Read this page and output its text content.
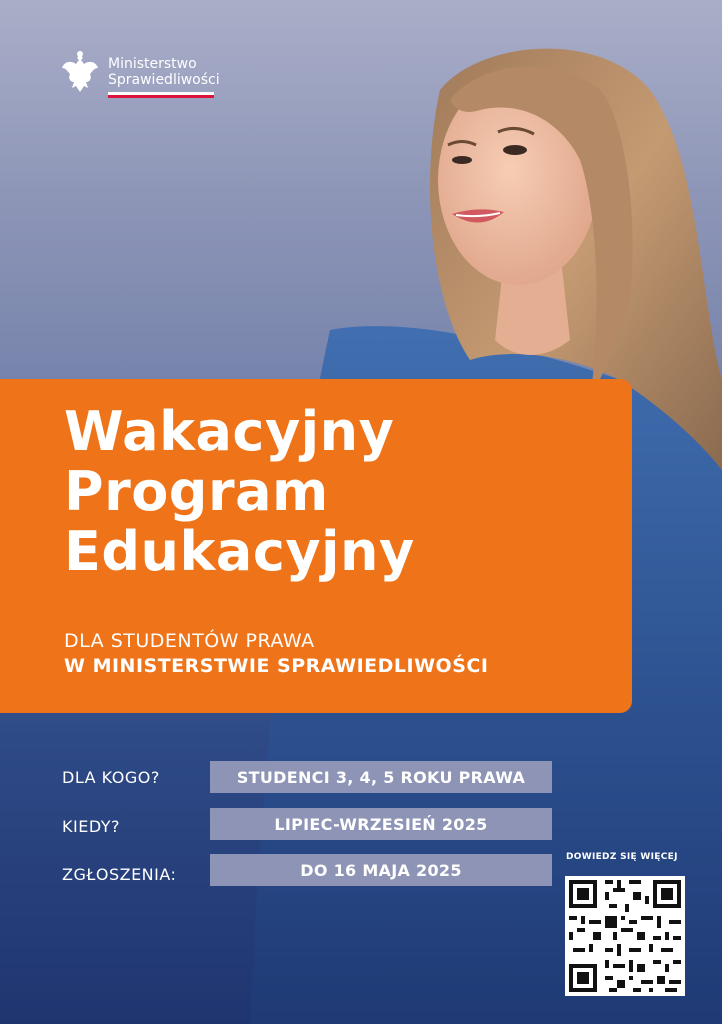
Ministerstwo
Sprawiedliwości
Wakacyjny
Program
Edukacyjny
DLA STUDENTÓW PRAWA
W MINISTERSTWIE SPRAWIEDLIWOŚCI
DLA KOGO?	STUDENCI 3, 4, 5 ROKU PRAWA
KIEDY?	LIPIEC-WRZESIEŃ 2025
ZGŁOSZENIA:	DO 16 MAJA 2025
DOWIEDZ SIĘ WIĘCEJ
